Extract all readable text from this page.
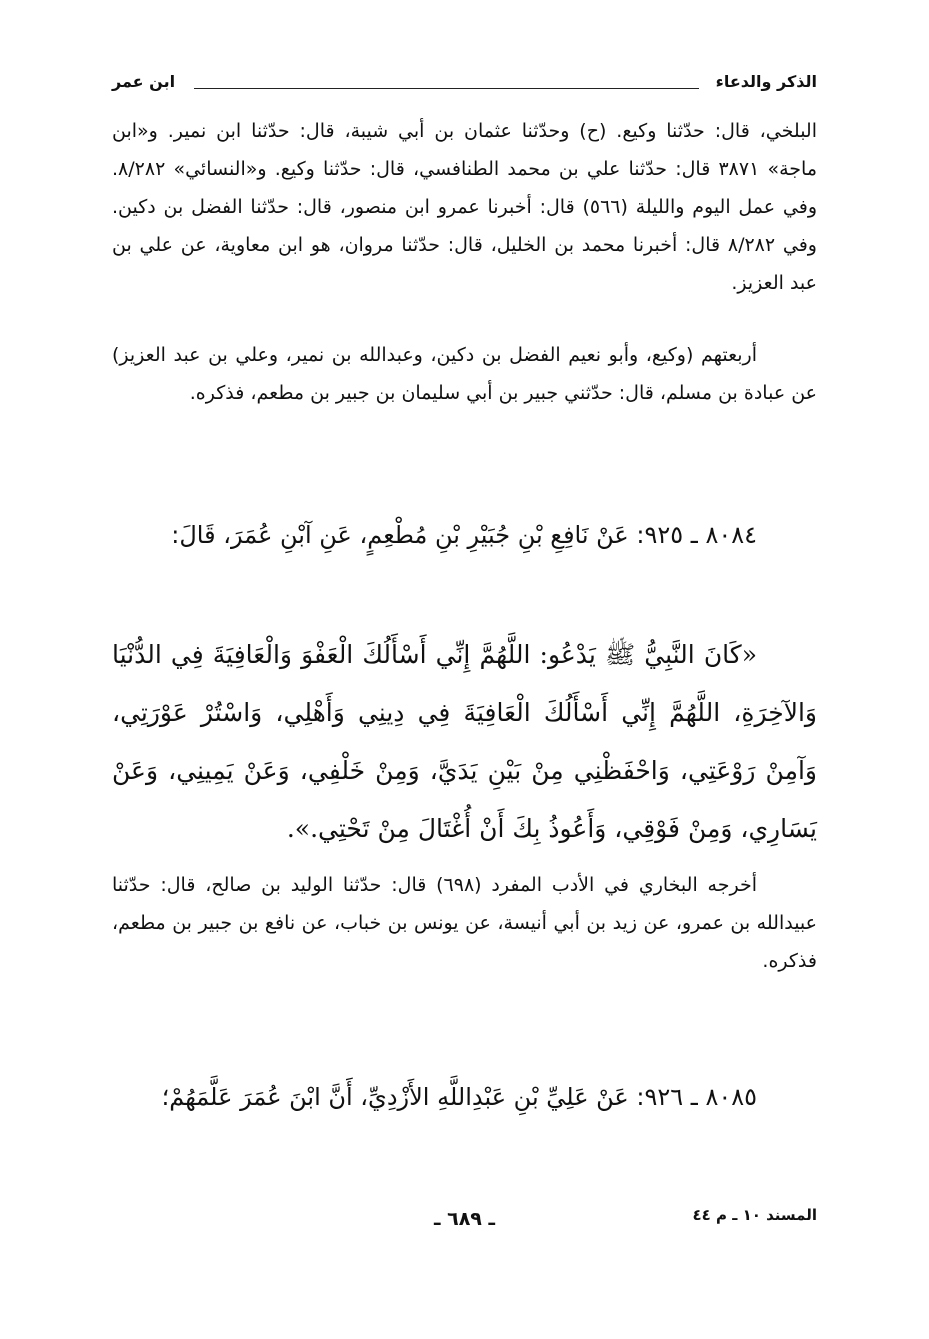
الذكر والدعاء
ابن عمر

البلخي، قال: حدّثنا وكيع. (ح) وحدّثنا عثمان بن أبي شيبة، قال: حدّثنا ابن نمير. و«ابن ماجة» ٣٨٧١ قال: حدّثنا علي بن محمد الطنافسي، قال: حدّثنا وكيع. و«النسائي» ٨/٢٨٢. وفي عمل اليوم والليلة (٥٦٦) قال: أخبرنا عمرو ابن منصور، قال: حدّثنا الفضل بن دكين. وفي ٨/٢٨٢ قال: أخبرنا محمد بن الخليل، قال: حدّثنا مروان، هو ابن معاوية، عن علي بن عبد العزيز.

أربعتهم (وكيع، وأبو نعيم الفضل بن دكين، وعبدالله بن نمير، وعلي بن عبد العزيز) عن عبادة بن مسلم، قال: حدّثني جبير بن أبي سليمان بن جبير بن مطعم، فذكره.

٨٠٨٤ ـ ٩٢٥: عَنْ نَافِعِ بْنِ جُبَيْرِ بْنِ مُطْعِمٍ، عَنِ آبْنِ عُمَرَ، قَالَ:

«كَانَ النَّبِيُّ ﷺ يَدْعُو: اللَّهُمَّ إِنِّي أَسْأَلُكَ الْعَفْوَ وَالْعَافِيَةَ فِي الدُّنْيَا وَالآخِرَةِ، اللَّهُمَّ إِنِّي أَسْأَلُكَ الْعَافِيَةَ فِي دِينِي وَأَهْلِي، وَاسْتُرْ عَوْرَتِي، وَآمِنْ رَوْعَتِي، وَاحْفَظْنِي مِنْ بَيْنِ يَدَيَّ، وَمِنْ خَلْفِي، وَعَنْ يَمِينِي، وَعَنْ يَسَارِي، وَمِنْ فَوْقِي، وَأَعُوذُ بِكَ أَنْ أُغْتَالَ مِنْ تَحْتِي.».

أخرجه البخاري في الأدب المفرد (٦٩٨) قال: حدّثنا الوليد بن صالح، قال: حدّثنا عبيدالله بن عمرو، عن زيد بن أبي أنيسة، عن يونس بن خباب، عن نافع بن جبير بن مطعم، فذكره.

٨٠٨٥ ـ ٩٢٦: عَنْ عَلِيِّ بْنِ عَبْدِاللَّهِ الأَزْدِيِّ، أَنَّ ابْنَ عُمَرَ عَلَّمَهُمْ؛

المسند ١٠ ـ م ٤٤
ـ ٦٨٩ ـ
